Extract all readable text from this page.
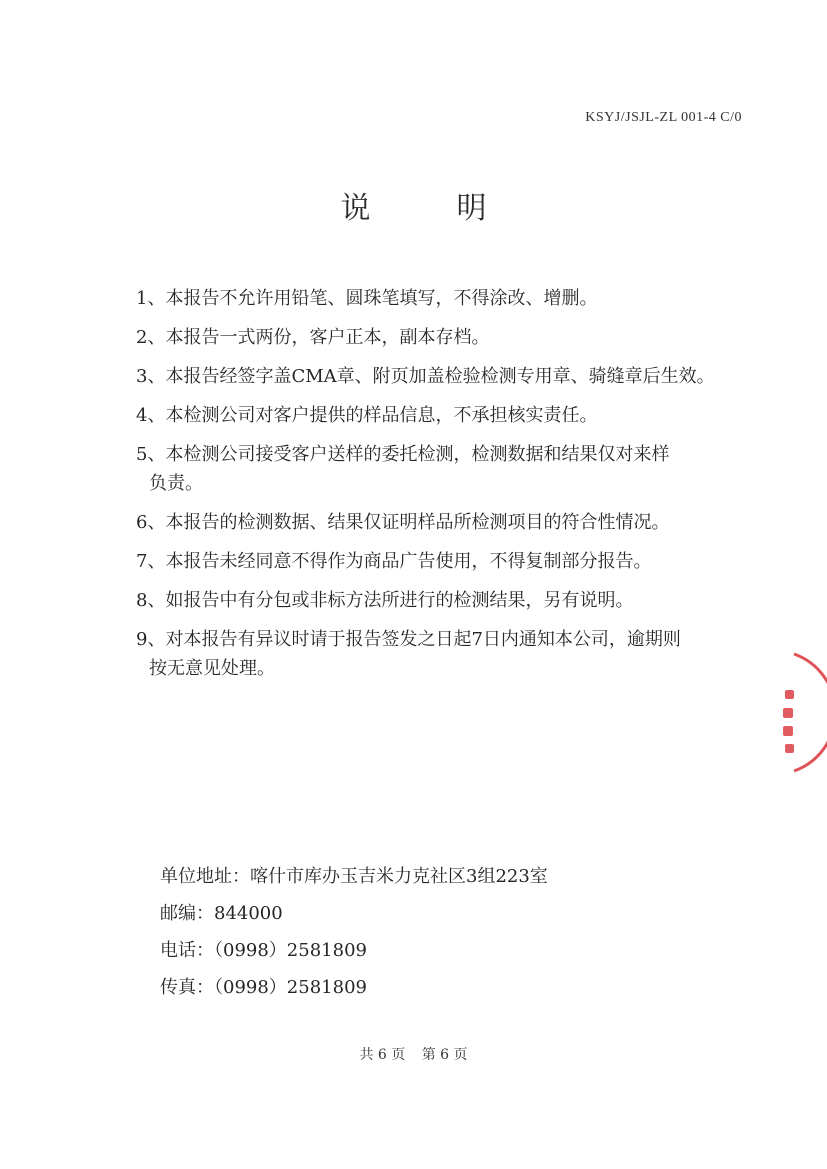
KSYJ/JSJL-ZL 001-4 C/0
说	明
1、本报告不允许用铅笔、圆珠笔填写，不得涂改、增删。
2、本报告一式两份，客户正本，副本存档。
3、本报告经签字盖CMA章、附页加盖检验检测专用章、骑缝章后生效。
4、本检测公司对客户提供的样品信息，不承担核实责任。
5、本检测公司接受客户送样的委托检测，检测数据和结果仅对来样
负责。
6、本报告的检测数据、结果仅证明样品所检测项目的符合性情况。
7、本报告未经同意不得作为商品广告使用，不得复制部分报告。
8、如报告中有分包或非标方法所进行的检测结果，另有说明。
9、对本报告有异议时请于报告签发之日起7日内通知本公司，逾期则
按无意见处理。
单位地址：喀什市库办玉吉米力克社区3组223室
邮编：844000
电话：（0998）2581809
传真：（0998）2581809
共 6 页 第 6 页
